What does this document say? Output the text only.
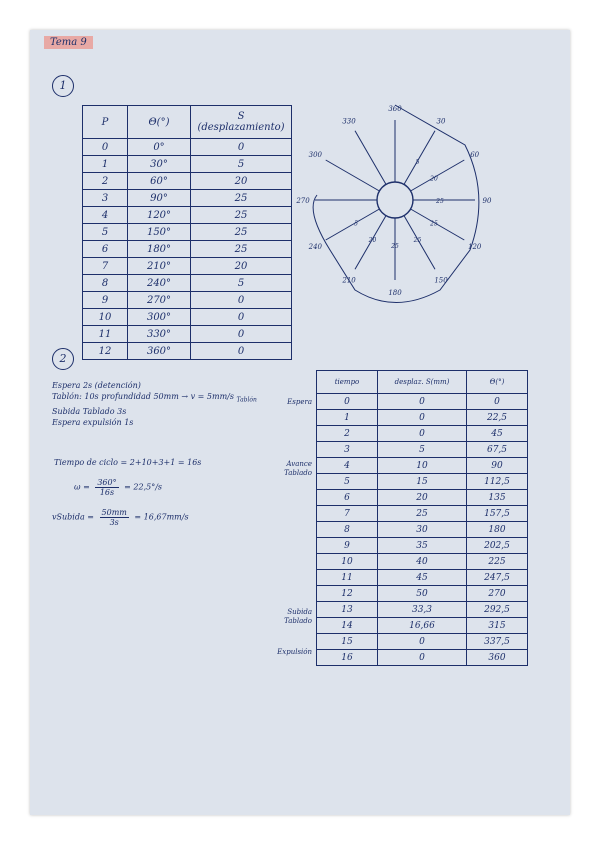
Tema 9
1
P	Θ(°)	S (desplazamiento)
0	0°	0
1	30°	5
2	60°	20
3	90°	25
4	120°	25
5	150°	25
6	180°	25
7	210°	20
8	240°	5
9	270°	0
10	300°	0
11	330°	0
12	360°	0
360
30
60
90
120
150
180
210
240
270
300
330
5
20
25
25
25
25
20
5
2
Espera 2s (detención)
Tablón: 10s profundidad 50mm → v = 5mm/s $_{Tablón}$
Subida Tablado 3s
Espera expulsión 1s
Tiempo de ciclo = 2+10+3+1 = 16s
$\omega = \frac{360^\circ}{16s} = 22,5^\circ/s$
vSubida = $\frac{50mm}{3s} = 16,67mm/s$
tiempo	desplaz. S(mm)	Θ(°)
0	0	0
1	0	22,5
2	0	45
3	5	67,5
4	10	90
5	15	112,5
6	20	135
7	25	157,5
8	30	180
9	35	202,5
10	40	225
11	45	247,5
12	50	270
13	33,3	292,5
14	16,66	315
15	0	337,5
16	0	360
Espera
Avance Tablado
Subida Tablado
Expulsión
